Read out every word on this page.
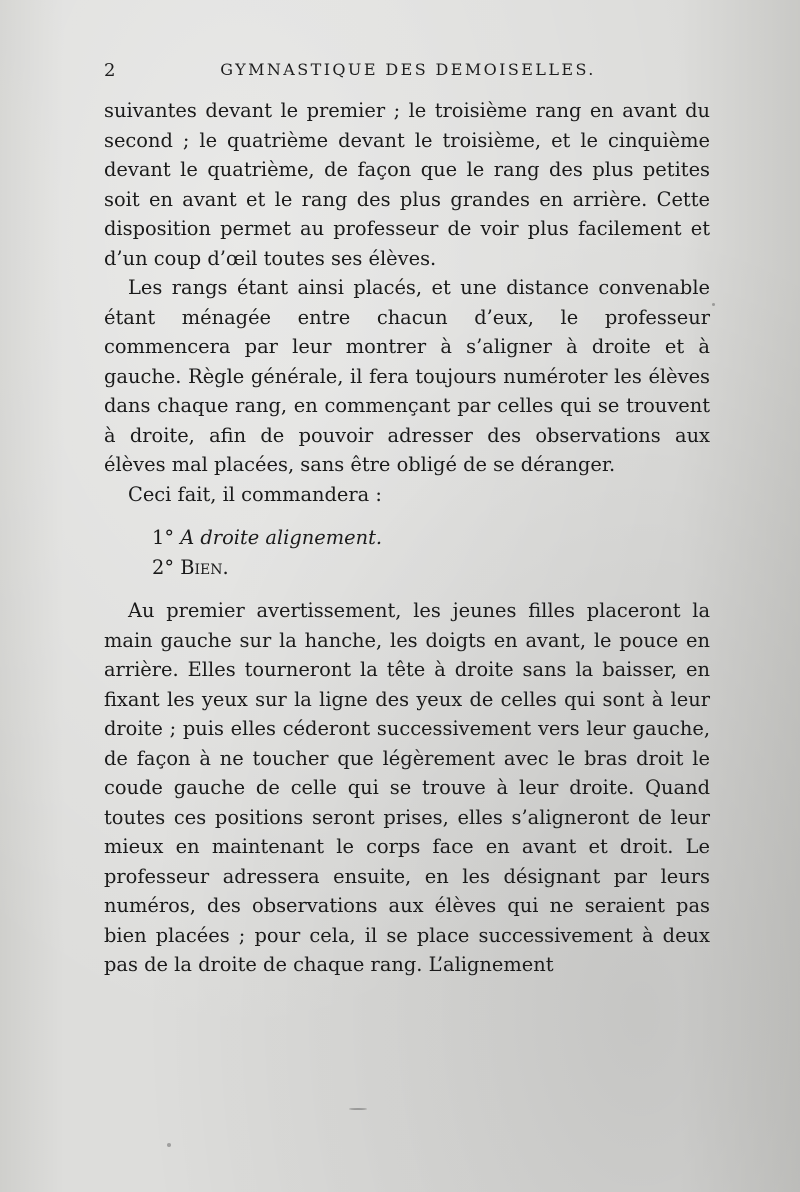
2	GYMNASTIQUE DES DEMOISELLES.

suivantes devant le premier ; le troisième rang en avant du second ; le quatrième devant le troisième, et le cinquième devant le quatrième, de façon que le rang des plus petites soit en avant et le rang des plus grandes en arrière. Cette disposition permet au professeur de voir plus facilement et d’un coup d’œil toutes ses élèves.

Les rangs étant ainsi placés, et une distance convenable étant ménagée entre chacun d’eux, le professeur commencera par leur montrer à s’aligner à droite et à gauche. Règle générale, il fera toujours numéroter les élèves dans chaque rang, en commençant par celles qui se trouvent à droite, afin de pouvoir adresser des observations aux élèves mal placées, sans être obligé de se déranger.

Ceci fait, il commandera :

1° A droite alignement.
2° Bien.

Au premier avertissement, les jeunes filles placeront la main gauche sur la hanche, les doigts en avant, le pouce en arrière. Elles tourneront la tête à droite sans la baisser, en fixant les yeux sur la ligne des yeux de celles qui sont à leur droite ; puis elles céderont successivement vers leur gauche, de façon à ne toucher que légèrement avec le bras droit le coude gauche de celle qui se trouve à leur droite. Quand toutes ces positions seront prises, elles s’aligneront de leur mieux en maintenant le corps face en avant et droit. Le professeur adressera ensuite, en les désignant par leurs numéros, des observations aux élèves qui ne seraient pas bien placées ; pour cela, il se place successivement à deux pas de la droite de chaque rang. L’alignement
